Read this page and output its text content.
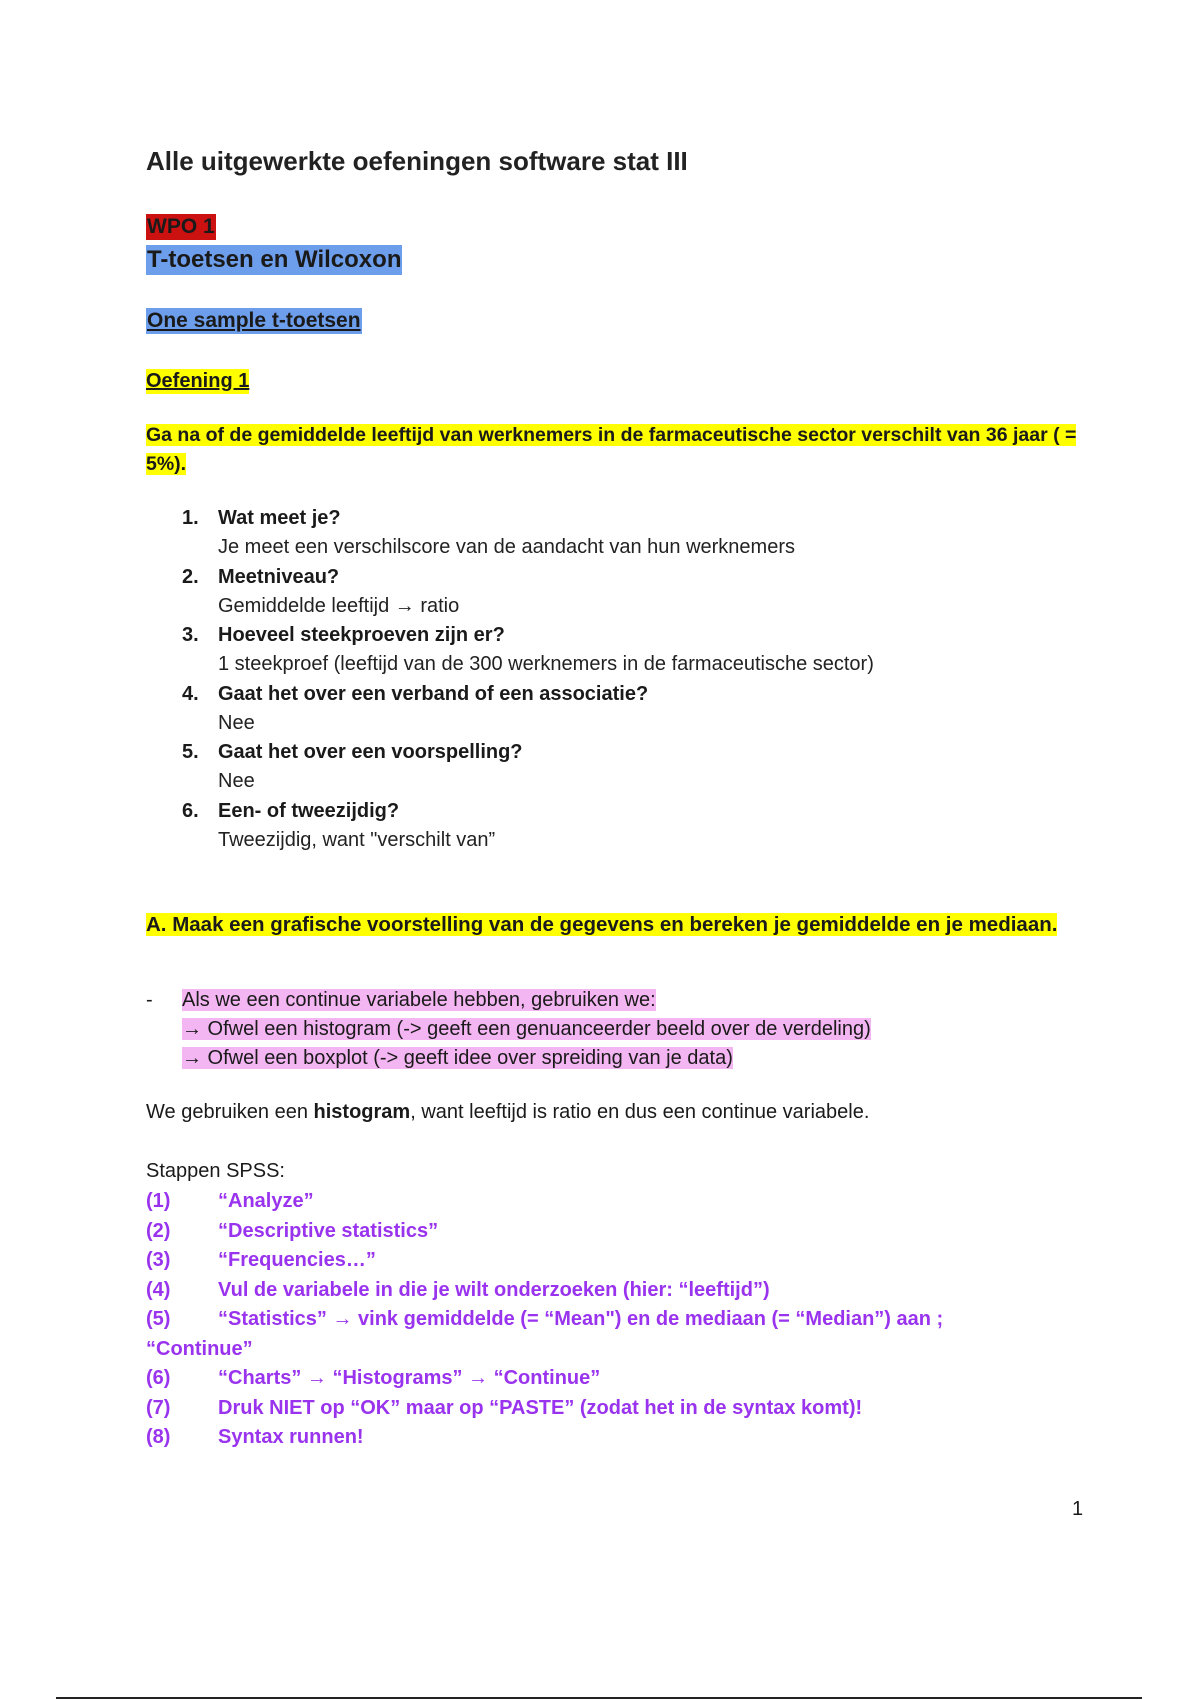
Alle uitgewerkte oefeningen software stat III
WPO 1
T-toetsen en Wilcoxon
One sample t-toetsen
Oefening 1
Ga na of de gemiddelde leeftijd van werknemers in de farmaceutische sector verschilt van 36 jaar ( = 5%).
1. Wat meet je?
Je meet een verschilscore van de aandacht van hun werknemers
2. Meetniveau?
Gemiddelde leeftijd → ratio
3. Hoeveel steekproeven zijn er?
1 steekproef (leeftijd van de 300 werknemers in de farmaceutische sector)
4. Gaat het over een verband of een associatie?
Nee
5. Gaat het over een voorspelling?
Nee
6. Een- of tweezijdig?
Tweezijdig, want "verschilt van”
A. Maak een grafische voorstelling van de gegevens en bereken je gemiddelde en je mediaan.
- Als we een continue variabele hebben, gebruiken we:
→ Ofwel een histogram (-> geeft een genuanceerder beeld over de verdeling)
→ Ofwel een boxplot (-> geeft idee over spreiding van je data)
We gebruiken een histogram, want leeftijd is ratio en dus een continue variabele.
Stappen SPSS:
(1) “Analyze”
(2) “Descriptive statistics”
(3) “Frequencies…”
(4) Vul de variabele in die je wilt onderzoeken (hier: “leeftijd”)
(5) “Statistics” → vink gemiddelde (= “Mean") en de mediaan (= “Median”) aan ;
“Continue”
(6) “Charts” → “Histograms” → “Continue”
(7) Druk NIET op “OK” maar op “PASTE” (zodat het in de syntax komt)!
(8) Syntax runnen!
1
